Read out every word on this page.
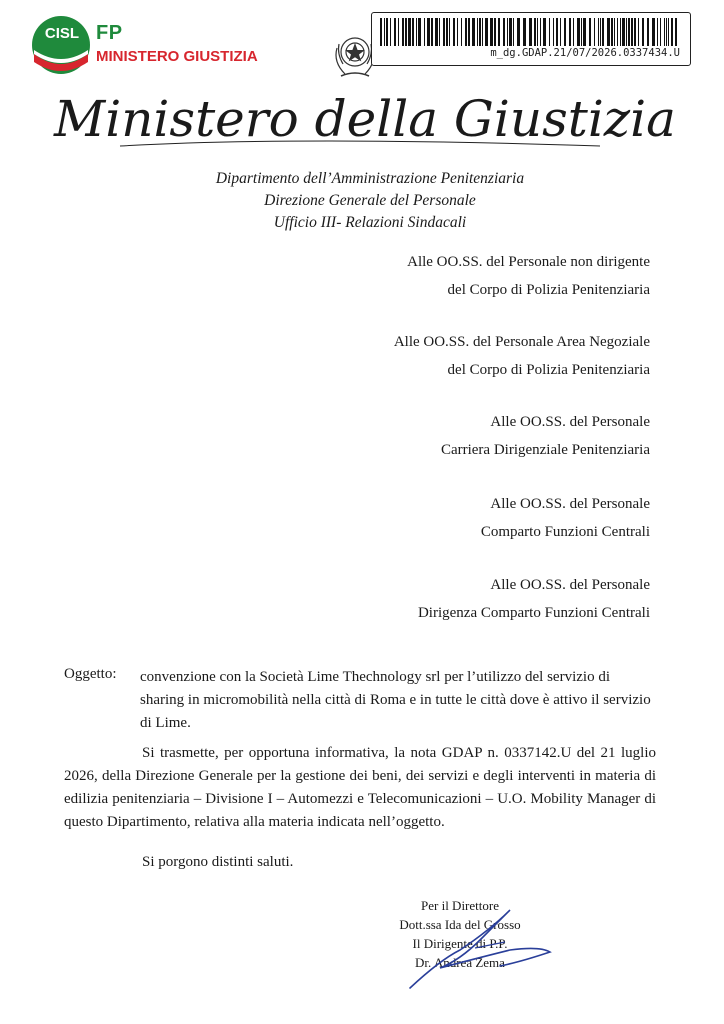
CISL FP
MINISTERO GIUSTIZIA	m_dg.GDAP.21/07/2026.0337434.U
Ministero della Giustizia
Dipartimento dell’Amministrazione Penitenziaria
Direzione Generale del Personale
Ufficio III- Relazioni Sindacali
Alle OO.SS. del Personale non dirigente
del Corpo di Polizia Penitenziaria
Alle OO.SS. del Personale Area Negoziale
del Corpo di Polizia Penitenziaria
Alle OO.SS. del Personale
Carriera Dirigenziale Penitenziaria
Alle OO.SS. del Personale
Comparto Funzioni Centrali
Alle OO.SS. del Personale
Dirigenza Comparto Funzioni Centrali
Oggetto: convenzione con la Società Lime Thechnology srl per l’utilizzo del servizio di sharing in micromobilità nella città di Roma e in tutte le città dove è attivo il servizio di Lime.
Si trasmette, per opportuna informativa, la nota GDAP n. 0337142.U del 21 luglio 2026, della Direzione Generale per la gestione dei beni, dei servizi e degli interventi in materia di edilizia penitenziaria – Divisione I – Automezzi e Telecomunicazioni – U.O. Mobility Manager di questo Dipartimento, relativa alla materia indicata nell’oggetto.
Si porgono distinti saluti.
Per il Direttore
Dott.ssa Ida del Grosso
Il Dirigente di P.P.
Dr. Andrea Zema
